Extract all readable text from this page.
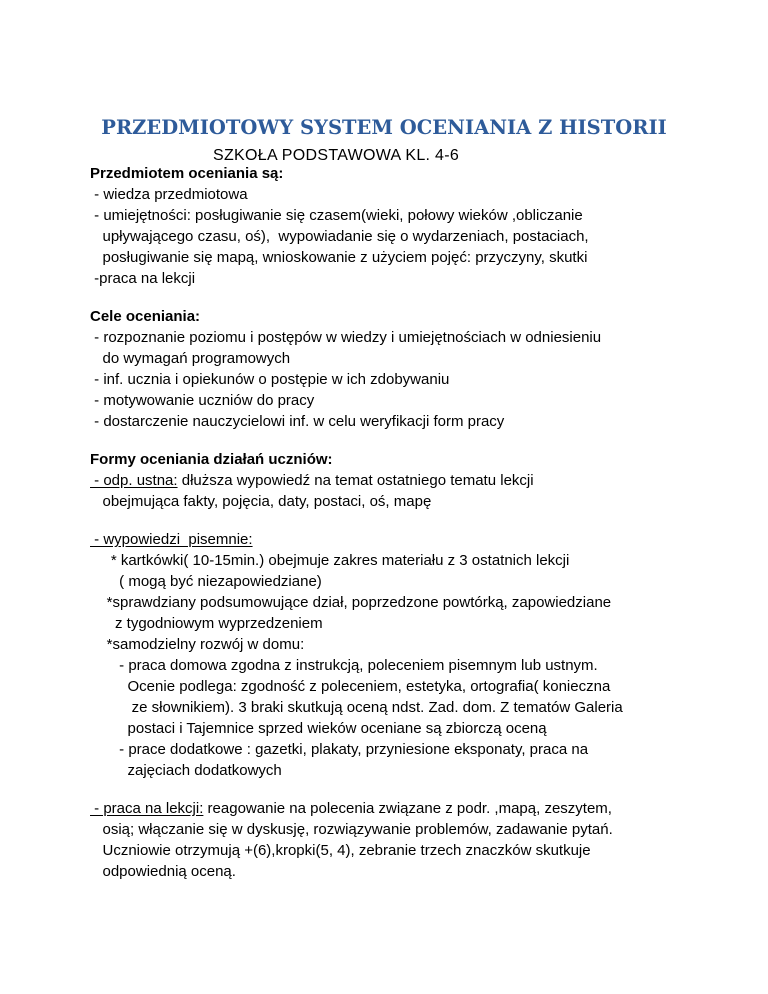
PRZEDMIOTOWY SYSTEM OCENIANIA Z HISTORII
SZKOŁA PODSTAWOWA KL. 4-6
Przedmiotem oceniania są:
- wiedza przedmiotowa
- umiejętności: posługiwanie się czasem(wieki, połowy wieków ,obliczanie
upływającego czasu, oś),  wypowiadanie się o wydarzeniach, postaciach,
posługiwanie się mapą, wnioskowanie z użyciem pojęć: przyczyny, skutki
-praca na lekcji
Cele oceniania:
- rozpoznanie poziomu i postępów w wiedzy i umiejętnościach w odniesieniu
do wymagań programowych
- inf. ucznia i opiekunów o postępie w ich zdobywaniu
- motywowanie uczniów do pracy
- dostarczenie nauczycielowi inf. w celu weryfikacji form pracy
Formy oceniania działań uczniów:
- odp. ustna: dłuższa wypowiedź na temat ostatniego tematu lekcji
obejmująca fakty, pojęcia, daty, postaci, oś, mapę
- wypowiedzi  pisemnie:
* kartkówki( 10-15min.) obejmuje zakres materiału z 3 ostatnich lekcji
( mogą być niezapowiedziane)
*sprawdziany podsumowujące dział, poprzedzone powtórką, zapowiedziane
z tygodniowym wyprzedzeniem
*samodzielny rozwój w domu:
- praca domowa zgodna z instrukcją, poleceniem pisemnym lub ustnym.
Ocenie podlega: zgodność z poleceniem, estetyka, ortografia( konieczna
ze słownikiem). 3 braki skutkują oceną ndst. Zad. dom. Z tematów Galeria
postaci i Tajemnice sprzed wieków oceniane są zbiorczą oceną
- prace dodatkowe : gazetki, plakaty, przyniesione eksponaty, praca na
zajęciach dodatkowych
- praca na lekcji: reagowanie na polecenia związane z podr. ,mapą, zeszytem,
osią; włączanie się w dyskusję, rozwiązywanie problemów, zadawanie pytań.
Uczniowie otrzymują +(6),kropki(5, 4), zebranie trzech znaczków skutkuje
odpowiednią oceną.
